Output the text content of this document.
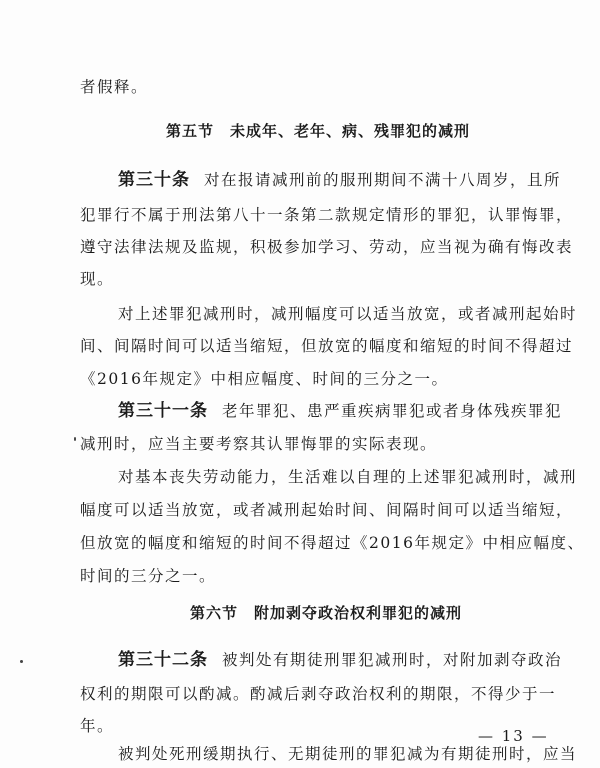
者假释。
第五节　未成年、老年、病、残罪犯的减刑
第三十条 对在报请减刑前的服刑期间不满十八周岁，且所
犯罪行不属于刑法第八十一条第二款规定情形的罪犯，认罪悔罪，
遵守法律法规及监规，积极参加学习、劳动，应当视为确有悔改表
现。
对上述罪犯减刑时，减刑幅度可以适当放宽，或者减刑起始时
间、间隔时间可以适当缩短，但放宽的幅度和缩短的时间不得超过
《2016年规定》中相应幅度、时间的三分之一。
第三十一条 老年罪犯、患严重疾病罪犯或者身体残疾罪犯
减刑时，应当主要考察其认罪悔罪的实际表现。
对基本丧失劳动能力，生活难以自理的上述罪犯减刑时，减刑
幅度可以适当放宽，或者减刑起始时间、间隔时间可以适当缩短，
但放宽的幅度和缩短的时间不得超过《2016年规定》中相应幅度、
时间的三分之一。
第六节　附加剥夺政治权利罪犯的减刑
第三十二条 被判处有期徒刑罪犯减刑时，对附加剥夺政治
权利的期限可以酌减。酌减后剥夺政治权利的期限，不得少于一
年。
被判处死刑缓期执行、无期徒刑的罪犯减为有期徒刑时，应当
— 13 —
